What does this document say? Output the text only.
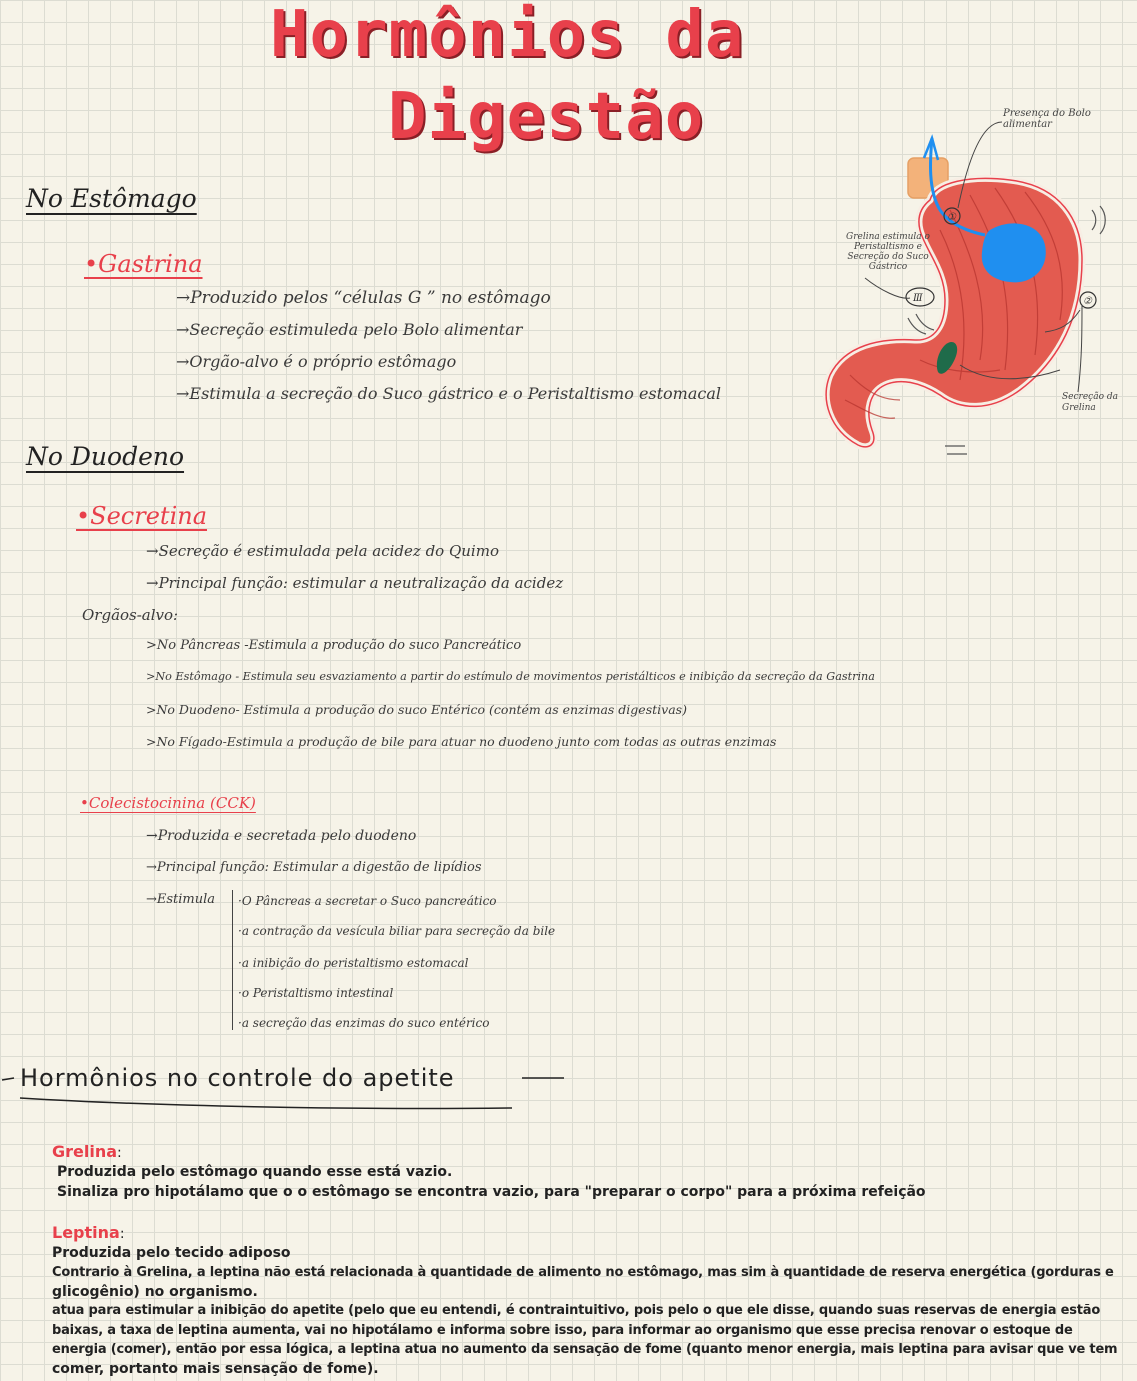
Hormônios da
Digestão
No Estômago
•Gastrina
→Produzido pelos “células G ” no estômago
→Secreção estimuleda pelo Bolo alimentar
→Orgão-alvo é o próprio estômago
→Estimula a secreção do Suco gástrico e o Peristaltismo estomacal
①
②
Ⅲ
Presença do Bolo alimentar
Grelina estimula o Peristaltismo e Secreção do Suco Gástrico
Secreção da Grelina
No Duodeno
•Secretina
→Secreção é estimulada pela acidez do Quimo
→Principal função: estimular a neutralização da acidez
Orgãos-alvo:
>No Pâncreas -Estimula a produção do suco Pancreático
>No Estômago - Estimula seu esvaziamento a partir do estímulo de movimentos peristálticos e inibição da secreção da Gastrina
>No Duodeno- Estimula a produção do suco Entérico (contém as enzimas digestivas)
>No Fígado-Estimula a produção de bile para atuar no duodeno junto com todas as outras enzimas
•Colecistocinina (CCK)
→Produzida e secretada pelo duodeno
→Principal função: Estimular a digestão de lipídios
→Estimula ·O Pâncreas a secretar o Suco pancreático
·a contração da vesícula biliar para secreção da bile
·a inibição do peristaltismo estomacal
·o Peristaltismo intestinal
·a secreção das enzimas do suco entérico
Hormônios no controle do apetite
Grelina:
Produzida pelo estômago quando esse está vazio.
Sinaliza pro hipotálamo que o o estômago se encontra vazio, para "preparar o corpo" para a próxima refeição
Leptina:
Produzida pelo tecido adiposo
Contrario à Grelina, a leptina não está relacionada à quantidade de alimento no estômago, mas sim à quantidade de reserva energética (gorduras e
glicogênio) no organismo.
atua para estimular a inibição do apetite (pelo que eu entendi, é contraintuitivo, pois pelo o que ele disse, quando suas reservas de energia estão
baixas, a taxa de leptina aumenta, vai no hipotálamo e informa sobre isso, para informar ao organismo que esse precisa renovar o estoque de
energia (comer), então por essa lógica, a leptina atua no aumento da sensação de fome (quanto menor energia, mais leptina para avisar que ve tem
comer, portanto mais sensação de fome).
